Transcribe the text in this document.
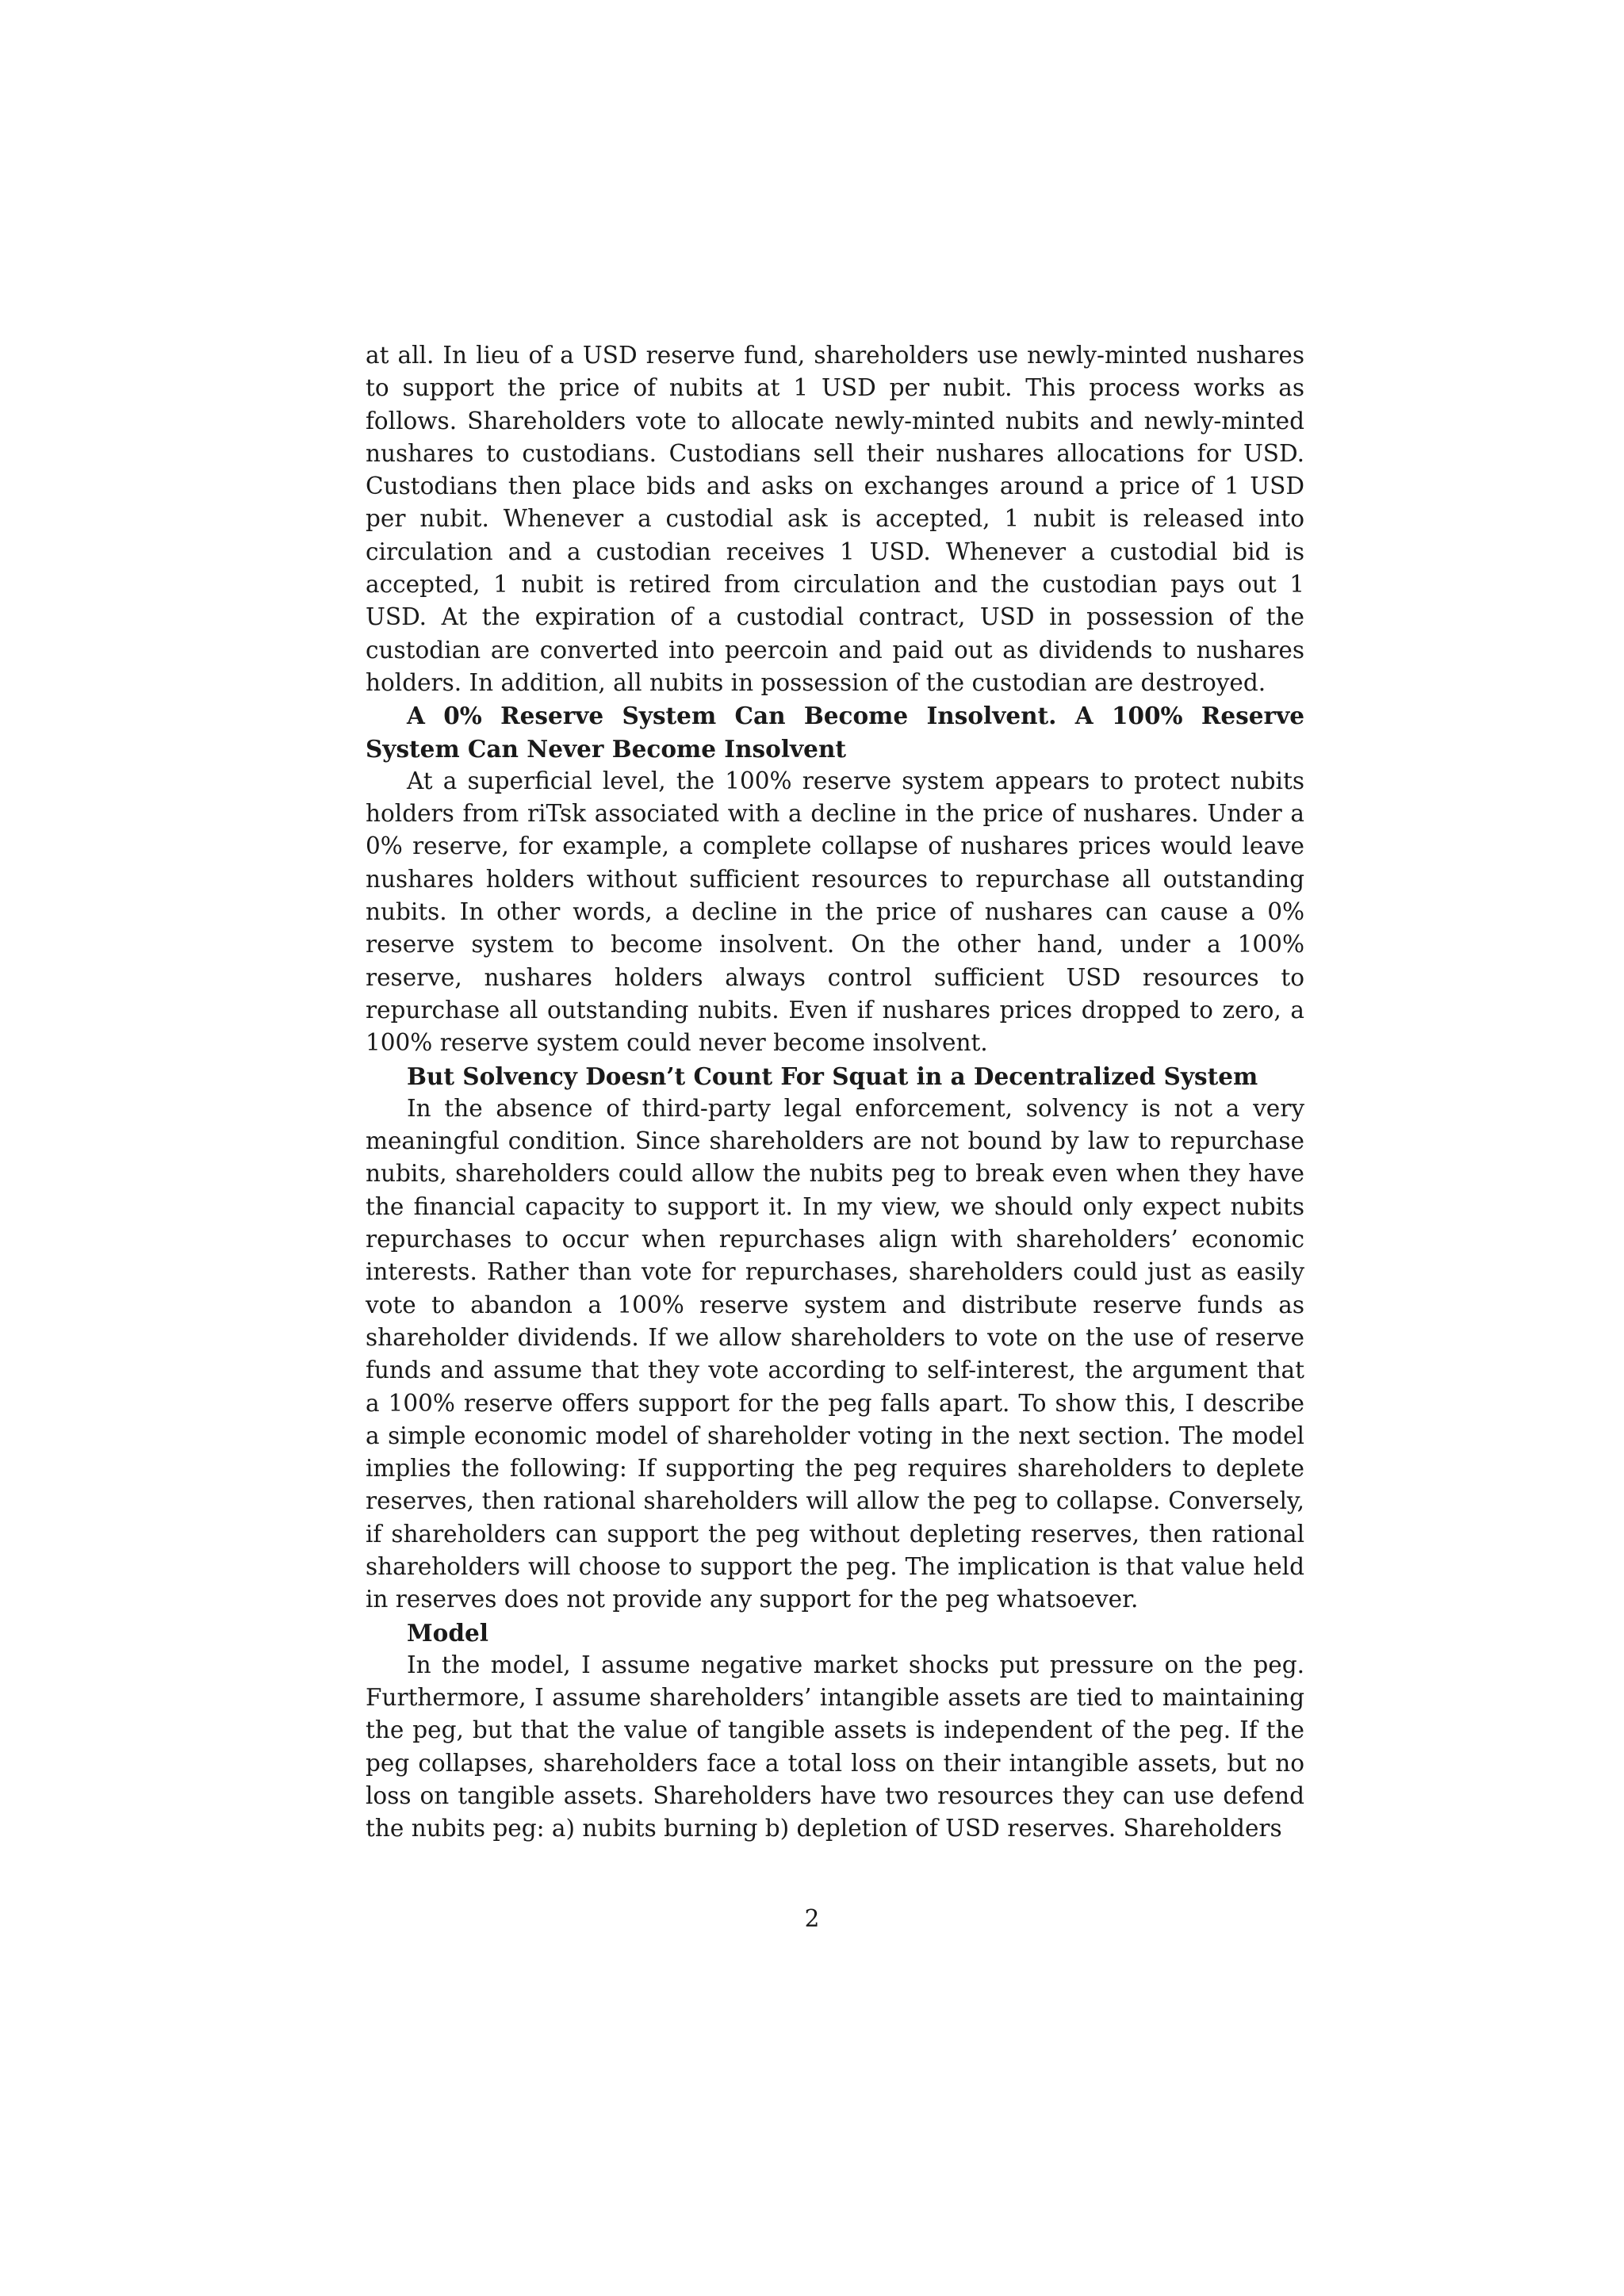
at all. In lieu of a USD reserve fund, shareholders use newly-minted nushares to support the price of nubits at 1 USD per nubit. This process works as follows. Shareholders vote to allocate newly-minted nubits and newly-minted nushares to custodians. Custodians sell their nushares allocations for USD. Custodians then place bids and asks on exchanges around a price of 1 USD per nubit. Whenever a custodial ask is accepted, 1 nubit is released into circulation and a custodian receives 1 USD. Whenever a custodial bid is accepted, 1 nubit is retired from circulation and the custodian pays out 1 USD. At the expiration of a custodial contract, USD in possession of the custodian are converted into peercoin and paid out as dividends to nushares holders. In addition, all nubits in possession of the custodian are destroyed.

A 0% Reserve System Can Become Insolvent. A 100% Reserve System Can Never Become Insolvent

At a superficial level, the 100% reserve system appears to protect nubits holders from riTsk associated with a decline in the price of nushares. Under a 0% reserve, for example, a complete collapse of nushares prices would leave nushares holders without sufficient resources to repurchase all outstanding nubits. In other words, a decline in the price of nushares can cause a 0% reserve system to become insolvent. On the other hand, under a 100% reserve, nushares holders always control sufficient USD resources to repurchase all outstanding nubits. Even if nushares prices dropped to zero, a 100% reserve system could never become insolvent.

But Solvency Doesn’t Count For Squat in a Decentralized System

In the absence of third-party legal enforcement, solvency is not a very meaningful condition. Since shareholders are not bound by law to repurchase nubits, shareholders could allow the nubits peg to break even when they have the financial capacity to support it. In my view, we should only expect nubits repurchases to occur when repurchases align with shareholders’ economic interests. Rather than vote for repurchases, shareholders could just as easily vote to abandon a 100% reserve system and distribute reserve funds as shareholder dividends. If we allow shareholders to vote on the use of reserve funds and assume that they vote according to self-interest, the argument that a 100% reserve offers support for the peg falls apart. To show this, I describe a simple economic model of shareholder voting in the next section. The model implies the following: If supporting the peg requires shareholders to deplete reserves, then rational shareholders will allow the peg to collapse. Conversely, if shareholders can support the peg without depleting reserves, then rational shareholders will choose to support the peg. The implication is that value held in reserves does not provide any support for the peg whatsoever.

Model

In the model, I assume negative market shocks put pressure on the peg. Furthermore, I assume shareholders’ intangible assets are tied to maintaining the peg, but that the value of tangible assets is independent of the peg. If the peg collapses, shareholders face a total loss on their intangible assets, but no loss on tangible assets. Shareholders have two resources they can use defend the nubits peg: a) nubits burning b) depletion of USD reserves. Shareholders

2
